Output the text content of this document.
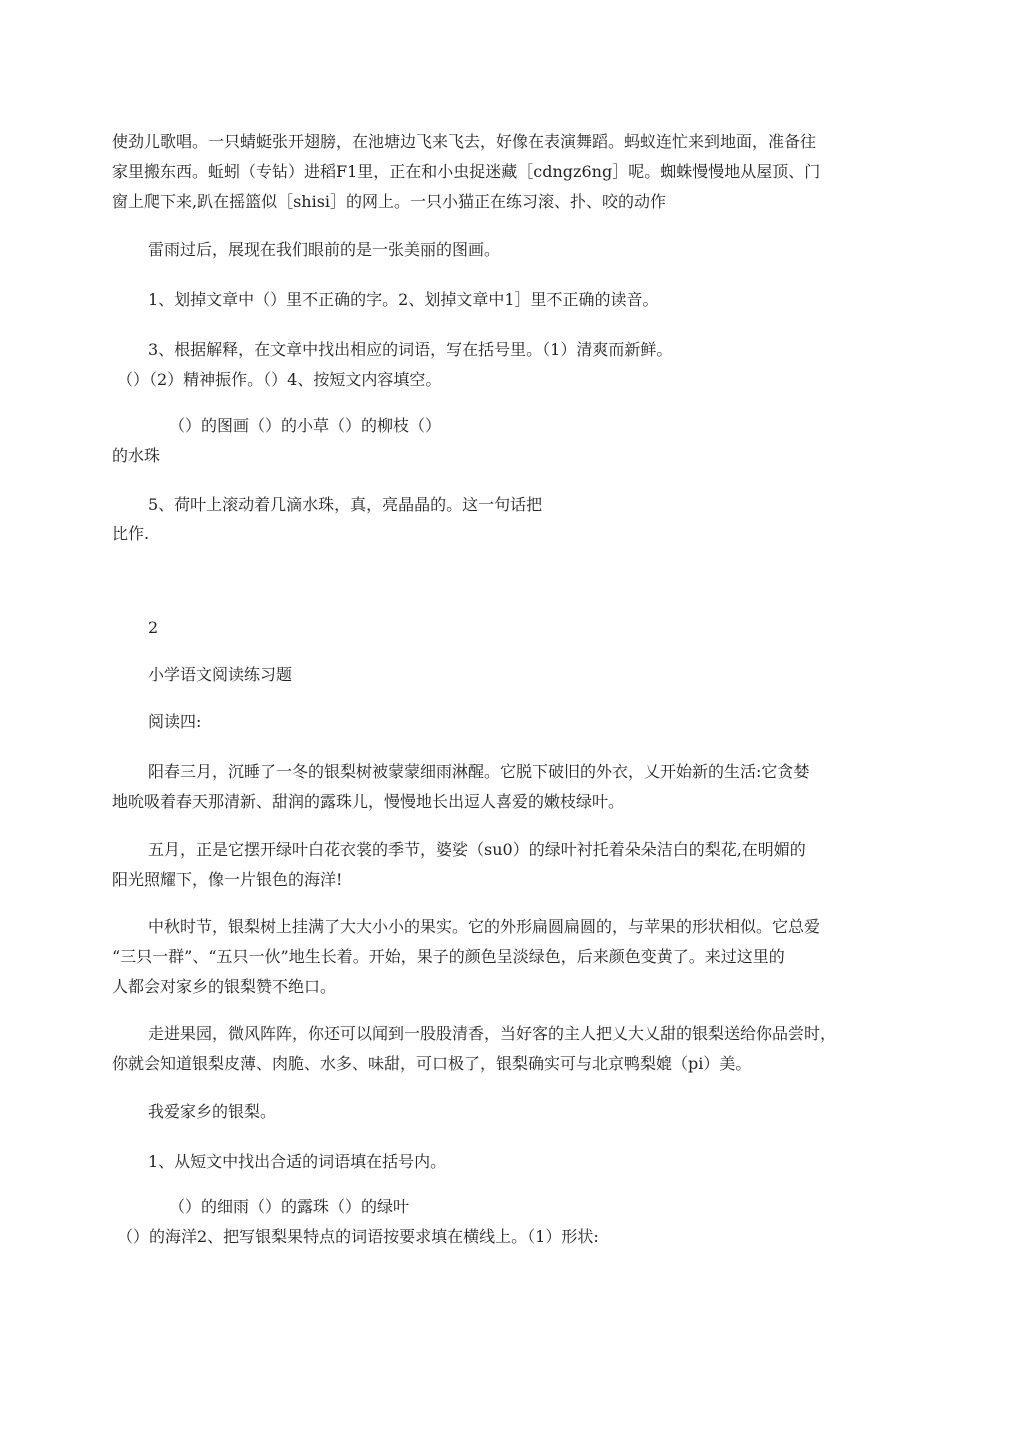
使劲儿歌唱。一只蜻蜓张开翅膀，在池塘边飞来飞去，好像在表演舞蹈。蚂蚁连忙来到地面，准备往
家里搬东西。蚯蚓（专钻）进稻F1里，正在和小虫捉迷藏［cdngz6ng］呢。蜘蛛慢慢地从屋顶、门
窗上爬下来,趴在摇篮似［shisi］的网上。一只小猫正在练习滚、扑、咬的动作
雷雨过后，展现在我们眼前的是一张美丽的图画。
1、划掉文章中（）里不正确的字。2、划掉文章中1］里不正确的读音。
3、根据解释，在文章中找出相应的词语，写在括号里。（1）清爽而新鲜。
（）（2）精神振作。（）4、按短文内容填空。
（）的图画（）的小草（）的柳枝（）
的水珠
5、荷叶上滚动着几滴水珠，真，亮晶晶的。这一句话把
比作.
2
小学语文阅读练习题
阅读四:
阳春三月，沉睡了一冬的银梨树被蒙蒙细雨淋醒。它脱下破旧的外衣，乂开始新的生活:它贪婪
地吮吸着春天那清新、甜润的露珠儿，慢慢地长出逗人喜爱的嫩枝绿叶。
五月，正是它摆开绿叶白花衣裳的季节，婆娑（su0）的绿叶衬托着朵朵洁白的梨花,在明媚的
阳光照耀下，像一片银色的海洋!
中秋时节，银梨树上挂满了大大小小的果实。它的外形扁圆扁圆的，与苹果的形状相似。它总爱
“三只一群”、“五只一伙”地生长着。开始，果子的颜色呈淡绿色，后来颜色变黄了。来过这里的
人都会对家乡的银梨赞不绝口。
走进果园，微风阵阵，你还可以闻到一股股清香，当好客的主人把乂大乂甜的银梨送给你品尝时，
你就会知道银梨皮薄、肉脆、水多、味甜，可口极了，银梨确实可与北京鸭梨媲（pi）美。
我爱家乡的银梨。
1、从短文中找出合适的词语填在括号内。
（）的细雨（）的露珠（）的绿叶
（）的海洋2、把写银梨果特点的词语按要求填在横线上。（1）形状:
